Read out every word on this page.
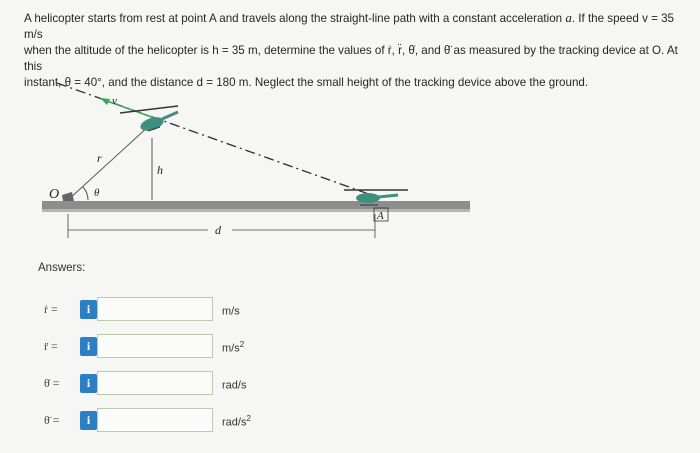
A helicopter starts from rest at point A and travels along the straight-line path with a constant acceleration a. If the speed v = 35 m/s
when the altitude of the helicopter is h = 35 m, determine the values of ṙ, r̈, θ̇, and θ̈ as measured by the tracking device at O. At this
instant, θ = 40°, and the distance d = 180 m. Neglect the small height of the tracking device above the ground.
O
r
θ
v
h
d
A
Answers:
ṙ =	i	m/s
r̈ =	i	$m/s^2$
θ̇ =	i	rad/s
θ̈ =	i	rad/$s^2$
